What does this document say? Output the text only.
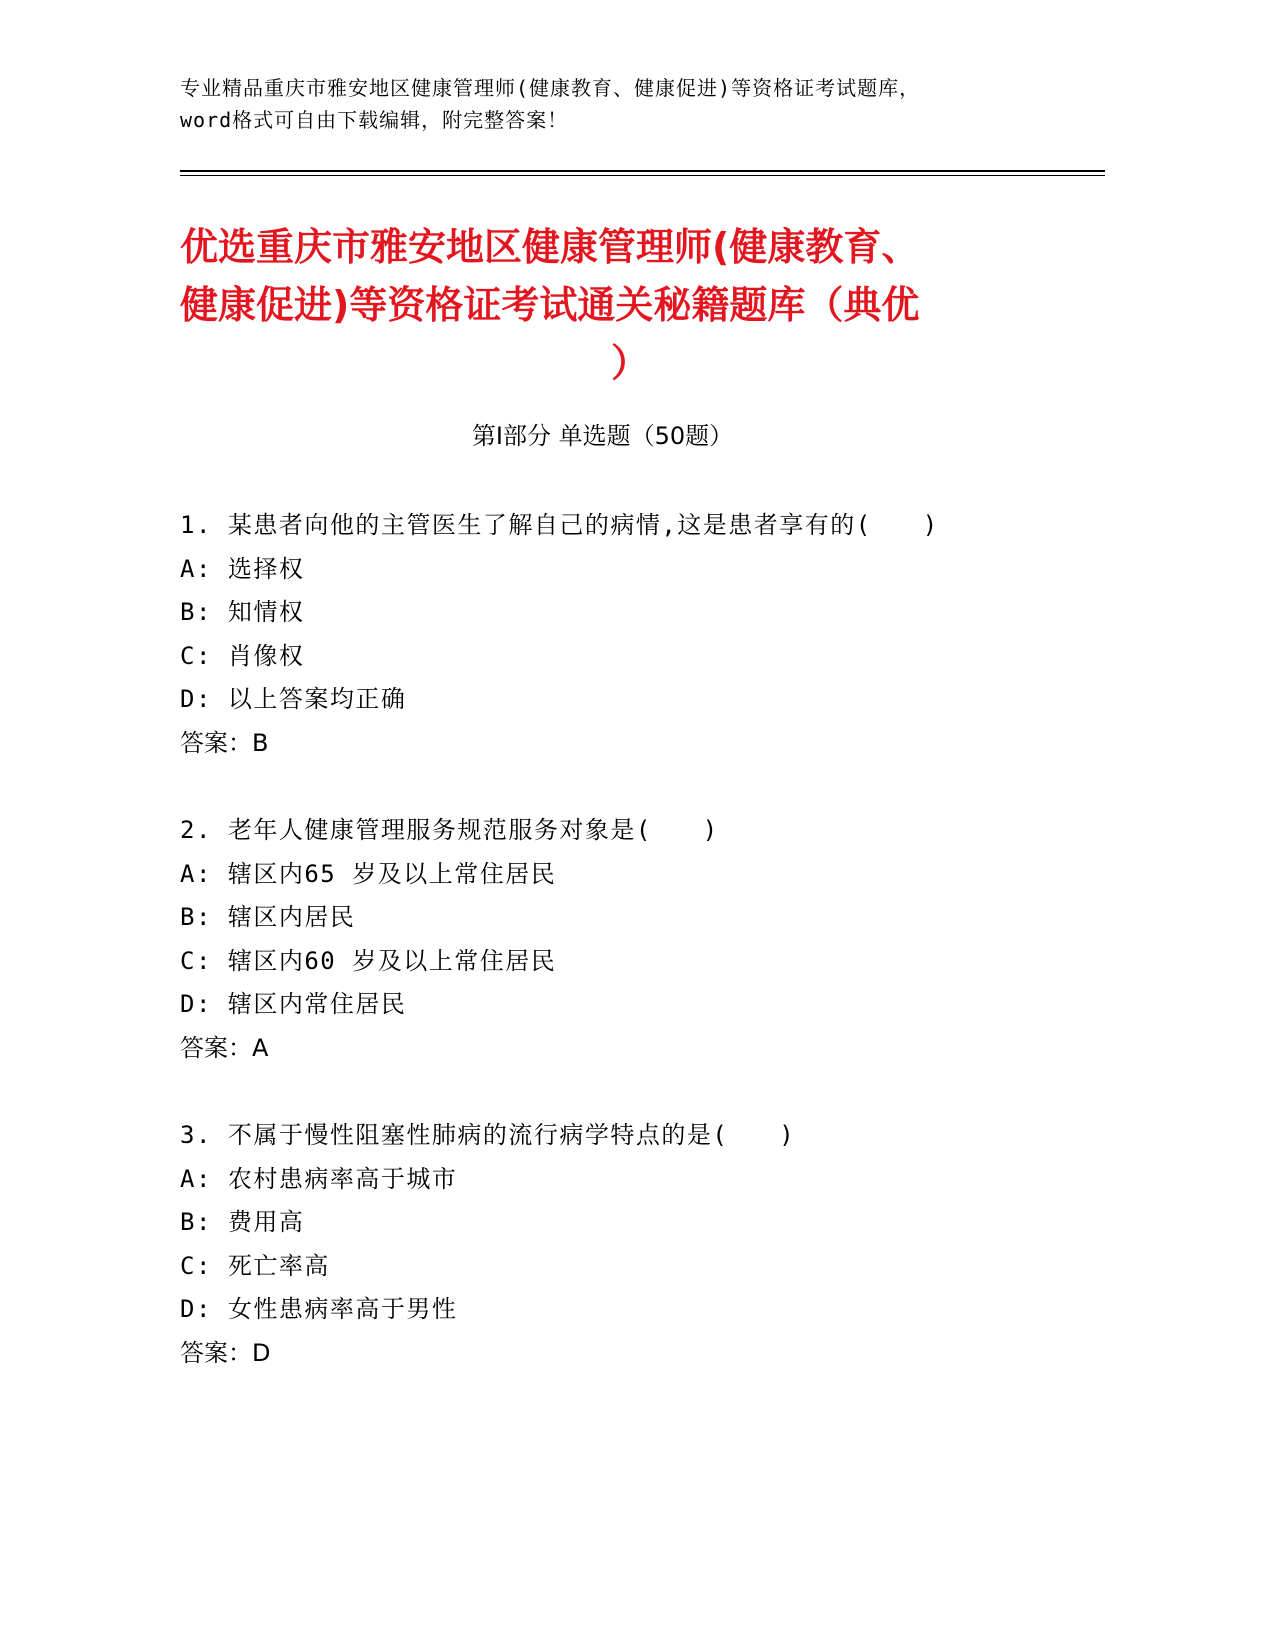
专业精品重庆市雅安地区健康管理师(健康教育、健康促进)等资格证考试题库，
word格式可自由下载编辑，附完整答案！
优选重庆市雅安地区健康管理师(健康教育、
健康促进)等资格证考试通关秘籍题库（典优
）
第I部分 单选题（50题）
1. 某患者向他的主管医生了解自己的病情,这是患者享有的(　　)
A: 选择权
B: 知情权
C: 肖像权
D: 以上答案均正确
答案：B
2. 老年人健康管理服务规范服务对象是(　　)
A: 辖区内65 岁及以上常住居民
B: 辖区内居民
C: 辖区内60 岁及以上常住居民
D: 辖区内常住居民
答案：A
3. 不属于慢性阻塞性肺病的流行病学特点的是(　　)
A: 农村患病率高于城市
B: 费用高
C: 死亡率高
D: 女性患病率高于男性
答案：D
